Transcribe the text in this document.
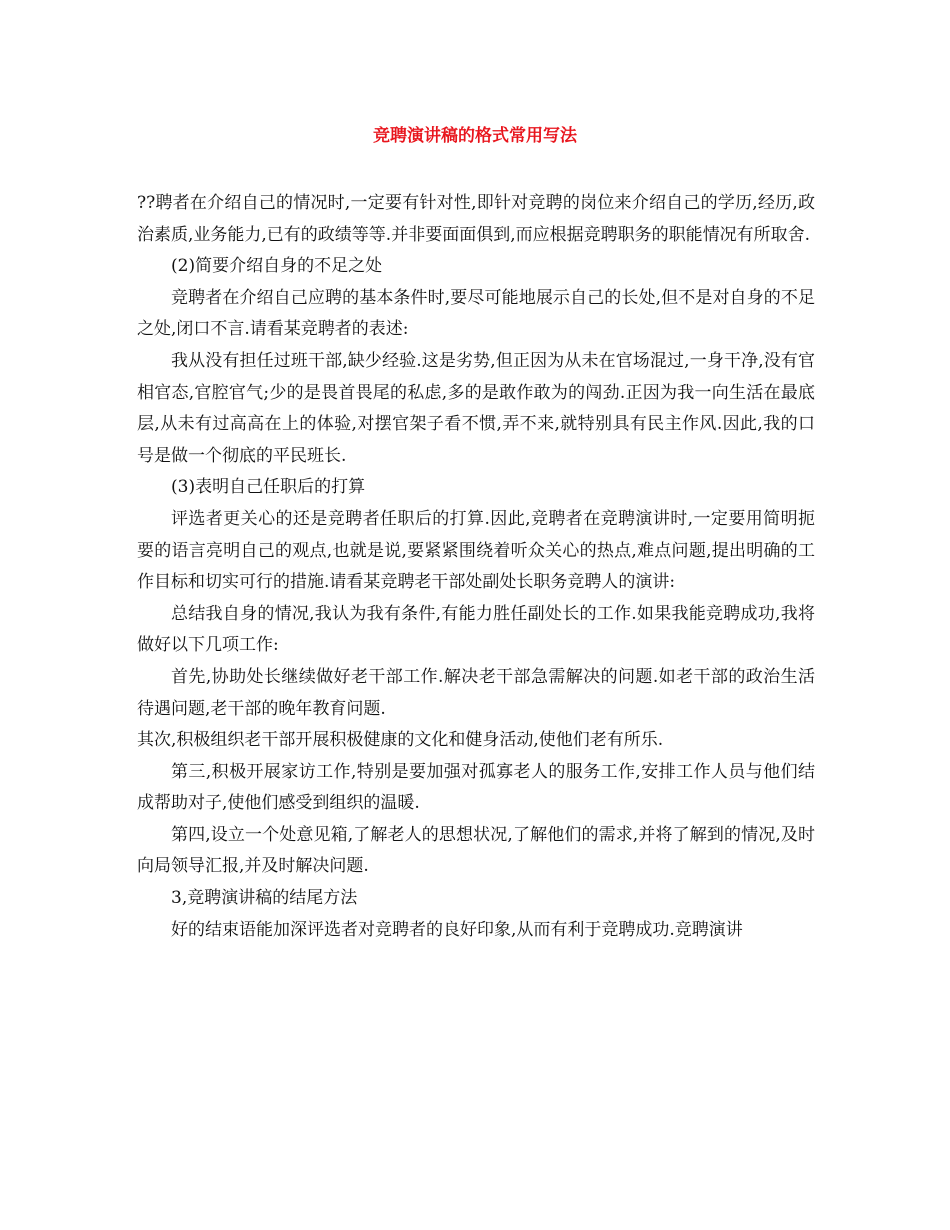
竞聘演讲稿的格式常用写法

??聘者在介绍自己的情况时,一定要有针对性,即针对竞聘的岗位来介绍自己的学历,经历,政治素质,业务能力,已有的政绩等等.并非要面面俱到,而应根据竞聘职务的职能情况有所取舍.

(2)简要介绍自身的不足之处

竞聘者在介绍自己应聘的基本条件时,要尽可能地展示自己的长处,但不是对自身的不足之处,闭口不言.请看某竞聘者的表述:

我从没有担任过班干部,缺少经验.这是劣势,但正因为从未在官场混过,一身干净,没有官相官态,官腔官气;少的是畏首畏尾的私虑,多的是敢作敢为的闯劲.正因为我一向生活在最底层,从未有过高高在上的体验,对摆官架子看不惯,弄不来,就特别具有民主作风.因此,我的口号是做一个彻底的平民班长.

(3)表明自己任职后的打算

评选者更关心的还是竞聘者任职后的打算.因此,竞聘者在竞聘演讲时,一定要用简明扼要的语言亮明自己的观点,也就是说,要紧紧围绕着听众关心的热点,难点问题,提出明确的工作目标和切实可行的措施.请看某竞聘老干部处副处长职务竞聘人的演讲:

总结我自身的情况,我认为我有条件,有能力胜任副处长的工作.如果我能竞聘成功,我将做好以下几项工作:

首先,协助处长继续做好老干部工作.解决老干部急需解决的问题.如老干部的政治生活待遇问题,老干部的晚年教育问题.

其次,积极组织老干部开展积极健康的文化和健身活动,使他们老有所乐.

第三,积极开展家访工作,特别是要加强对孤寡老人的服务工作,安排工作人员与他们结成帮助对子,使他们感受到组织的温暖.

第四,设立一个处意见箱,了解老人的思想状况,了解他们的需求,并将了解到的情况,及时向局领导汇报,并及时解决问题.

3,竞聘演讲稿的结尾方法

好的结束语能加深评选者对竞聘者的良好印象,从而有利于竞聘成功.竞聘演讲
